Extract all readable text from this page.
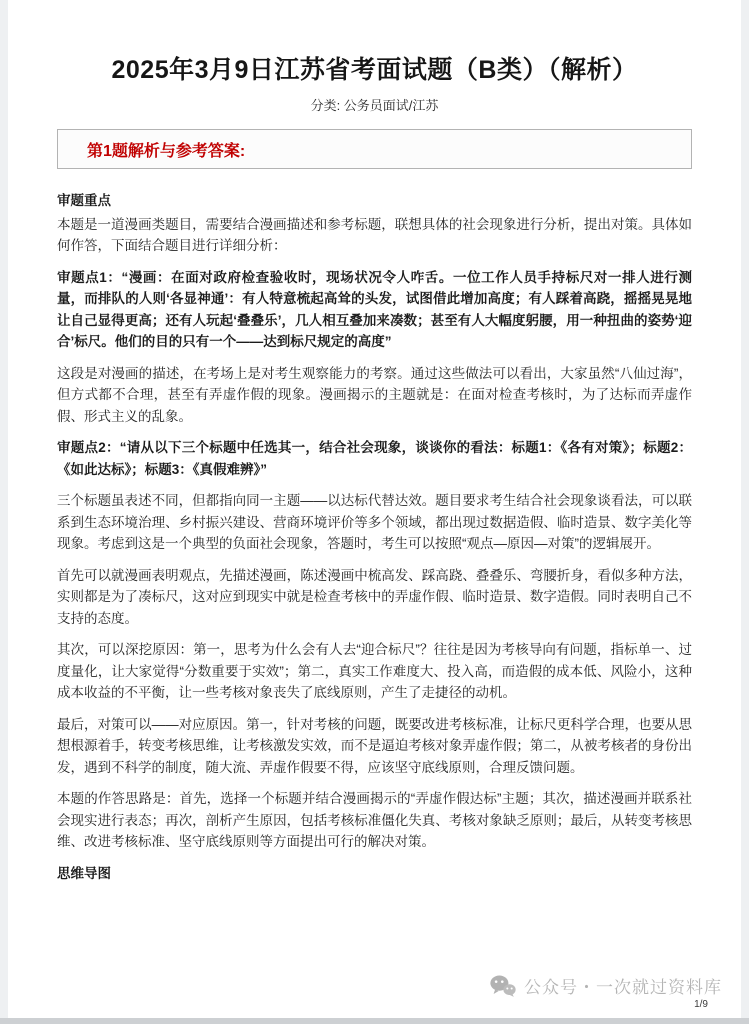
2025年3月9日江苏省考面试题（B类）（解析）
分类: 公务员面试/江苏
第1题解析与参考答案:

审题重点

本题是一道漫画类题目，需要结合漫画描述和参考标题，联想具体的社会现象进行分析，提出对策。具体如何作答，下面结合题目进行详细分析：

审题点1：“漫画：在面对政府检查验收时，现场状况令人咋舌。一位工作人员手持标尺对一排人进行测量，而排队的人则‘各显神通’：有人特意梳起高耸的头发，试图借此增加高度；有人踩着高跷，摇摇晃晃地让自己显得更高；还有人玩起‘叠叠乐’，几人相互叠加来凑数；甚至有人大幅度躬腰，用一种扭曲的姿势‘迎合’标尺。他们的目的只有一个——达到标尺规定的高度”

这段是对漫画的描述，在考场上是对考生观察能力的考察。通过这些做法可以看出，大家虽然“八仙过海”，但方式都不合理，甚至有弄虚作假的现象。漫画揭示的主题就是：在面对检查考核时，为了达标而弄虚作假、形式主义的乱象。

审题点2：“请从以下三个标题中任选其一，结合社会现象，谈谈你的看法：标题1：《各有对策》；标题2：《如此达标》；标题3：《真假难辨》”

三个标题虽表述不同，但都指向同一主题——以达标代替达效。题目要求考生结合社会现象谈看法，可以联系到生态环境治理、乡村振兴建设、营商环境评价等多个领域，都出现过数据造假、临时造景、数字美化等现象。考虑到这是一个典型的负面社会现象，答题时，考生可以按照“观点—原因—对策”的逻辑展开。

首先可以就漫画表明观点，先描述漫画，陈述漫画中梳高发、踩高跷、叠叠乐、弯腰折身，看似多种方法，实则都是为了凑标尺，这对应到现实中就是检查考核中的弄虚作假、临时造景、数字造假。同时表明自己不支持的态度。

其次，可以深挖原因：第一，思考为什么会有人去“迎合标尺”？往往是因为考核导向有问题，指标单一、过度量化，让大家觉得“分数重要于实效”；第二，真实工作难度大、投入高，而造假的成本低、风险小，这种成本收益的不平衡，让一些考核对象丧失了底线原则，产生了走捷径的动机。

最后，对策可以——对应原因。第一，针对考核的问题，既要改进考核标准，让标尺更科学合理，也要从思想根源着手，转变考核思维，让考核激发实效，而不是逼迫考核对象弄虚作假；第二，从被考核者的身份出发，遇到不科学的制度，随大流、弄虚作假要不得，应该坚守底线原则，合理反馈问题。

本题的作答思路是：首先，选择一个标题并结合漫画揭示的“弄虚作假达标”主题；其次，描述漫画并联系社会现实进行表态；再次，剖析产生原因，包括考核标准僵化失真、考核对象缺乏原则；最后，从转变考核思维、改进考核标准、坚守底线原则等方面提出可行的解决对策。

思维导图

公众号・一次就过资料库
1/9
